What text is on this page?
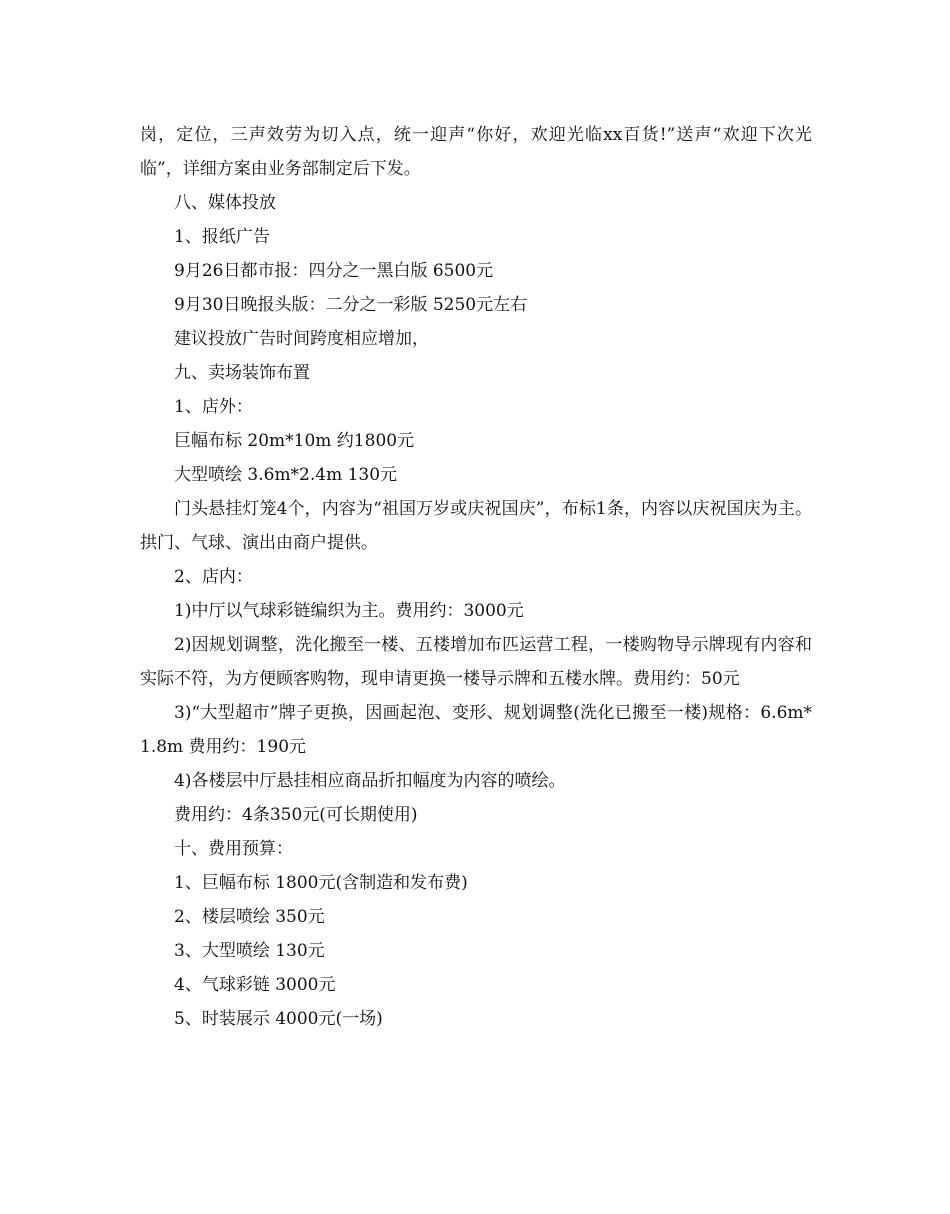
岗，定位，三声效劳为切入点，统一迎声“你好，欢迎光临xx百货!”送声“欢迎下次光临”，详细方案由业务部制定后下发。

八、媒体投放

1、报纸广告

9月26日都市报：四分之一黑白版 6500元

9月30日晚报头版：二分之一彩版 5250元左右

建议投放广告时间跨度相应增加，

九、卖场装饰布置

1、店外：

巨幅布标 20m*10m 约1800元

大型喷绘 3.6m*2.4m 130元

门头悬挂灯笼4个，内容为“祖国万岁或庆祝国庆”，布标1条，内容以庆祝国庆为主。拱门、气球、演出由商户提供。

2、店内：

1)中厅以气球彩链编织为主。费用约：3000元

2)因规划调整，洗化搬至一楼、五楼增加布匹运营工程，一楼购物导示牌现有内容和实际不符，为方便顾客购物，现申请更换一楼导示牌和五楼水牌。费用约：50元

3)“大型超市”牌子更换，因画起泡、变形、规划调整(洗化已搬至一楼)规格：6.6m*1.8m 费用约：190元

4)各楼层中厅悬挂相应商品折扣幅度为内容的喷绘。

费用约：4条350元(可长期使用)

十、费用预算：

1、巨幅布标 1800元(含制造和发布费)

2、楼层喷绘 350元

3、大型喷绘 130元

4、气球彩链 3000元

5、时装展示 4000元(一场)
